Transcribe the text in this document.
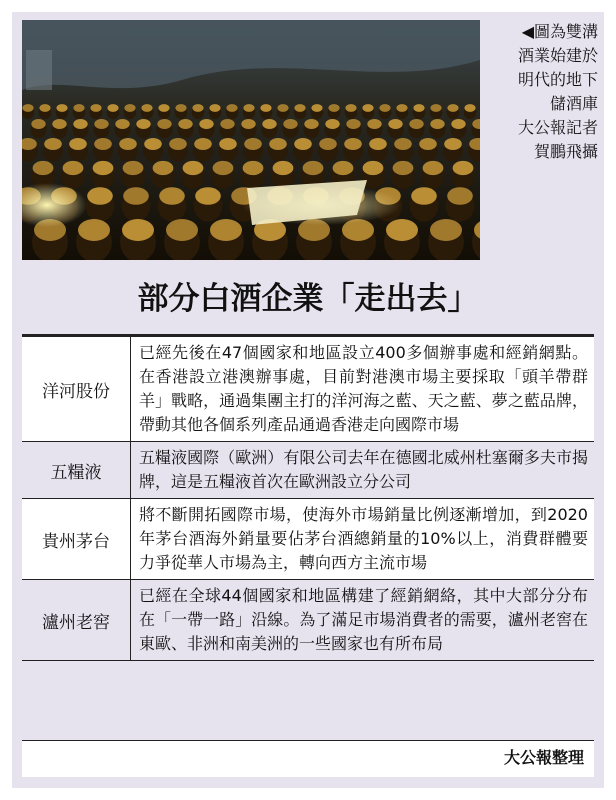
◀圖為雙溝
酒業始建於
明代的地下
儲酒庫
大公報記者
賀鵬飛攝
部分白酒企業「走出去」
洋河股份
已經先後在47個國家和地區設立400多個辦事處和經銷網點。在香港設立港澳辦事處，目前對港澳市場主要採取「頭羊帶群羊」戰略，通過集團主打的洋河海之藍、天之藍、夢之藍品牌，帶動其他各個系列產品通過香港走向國際市場
五糧液
五糧液國際（歐洲）有限公司去年在德國北威州杜塞爾多夫市揭牌，這是五糧液首次在歐洲設立分公司
貴州茅台
將不斷開拓國際市場，使海外市場銷量比例逐漸增加，到2020年茅台酒海外銷量要佔茅台酒總銷量的10%以上，消費群體要力爭從華人市場為主，轉向西方主流市場
瀘州老窖
已經在全球44個國家和地區構建了經銷網絡，其中大部分分布在「一帶一路」沿線。為了滿足市場消費者的需要，瀘州老窖在東歐、非洲和南美洲的一些國家也有所布局
大公報整理
